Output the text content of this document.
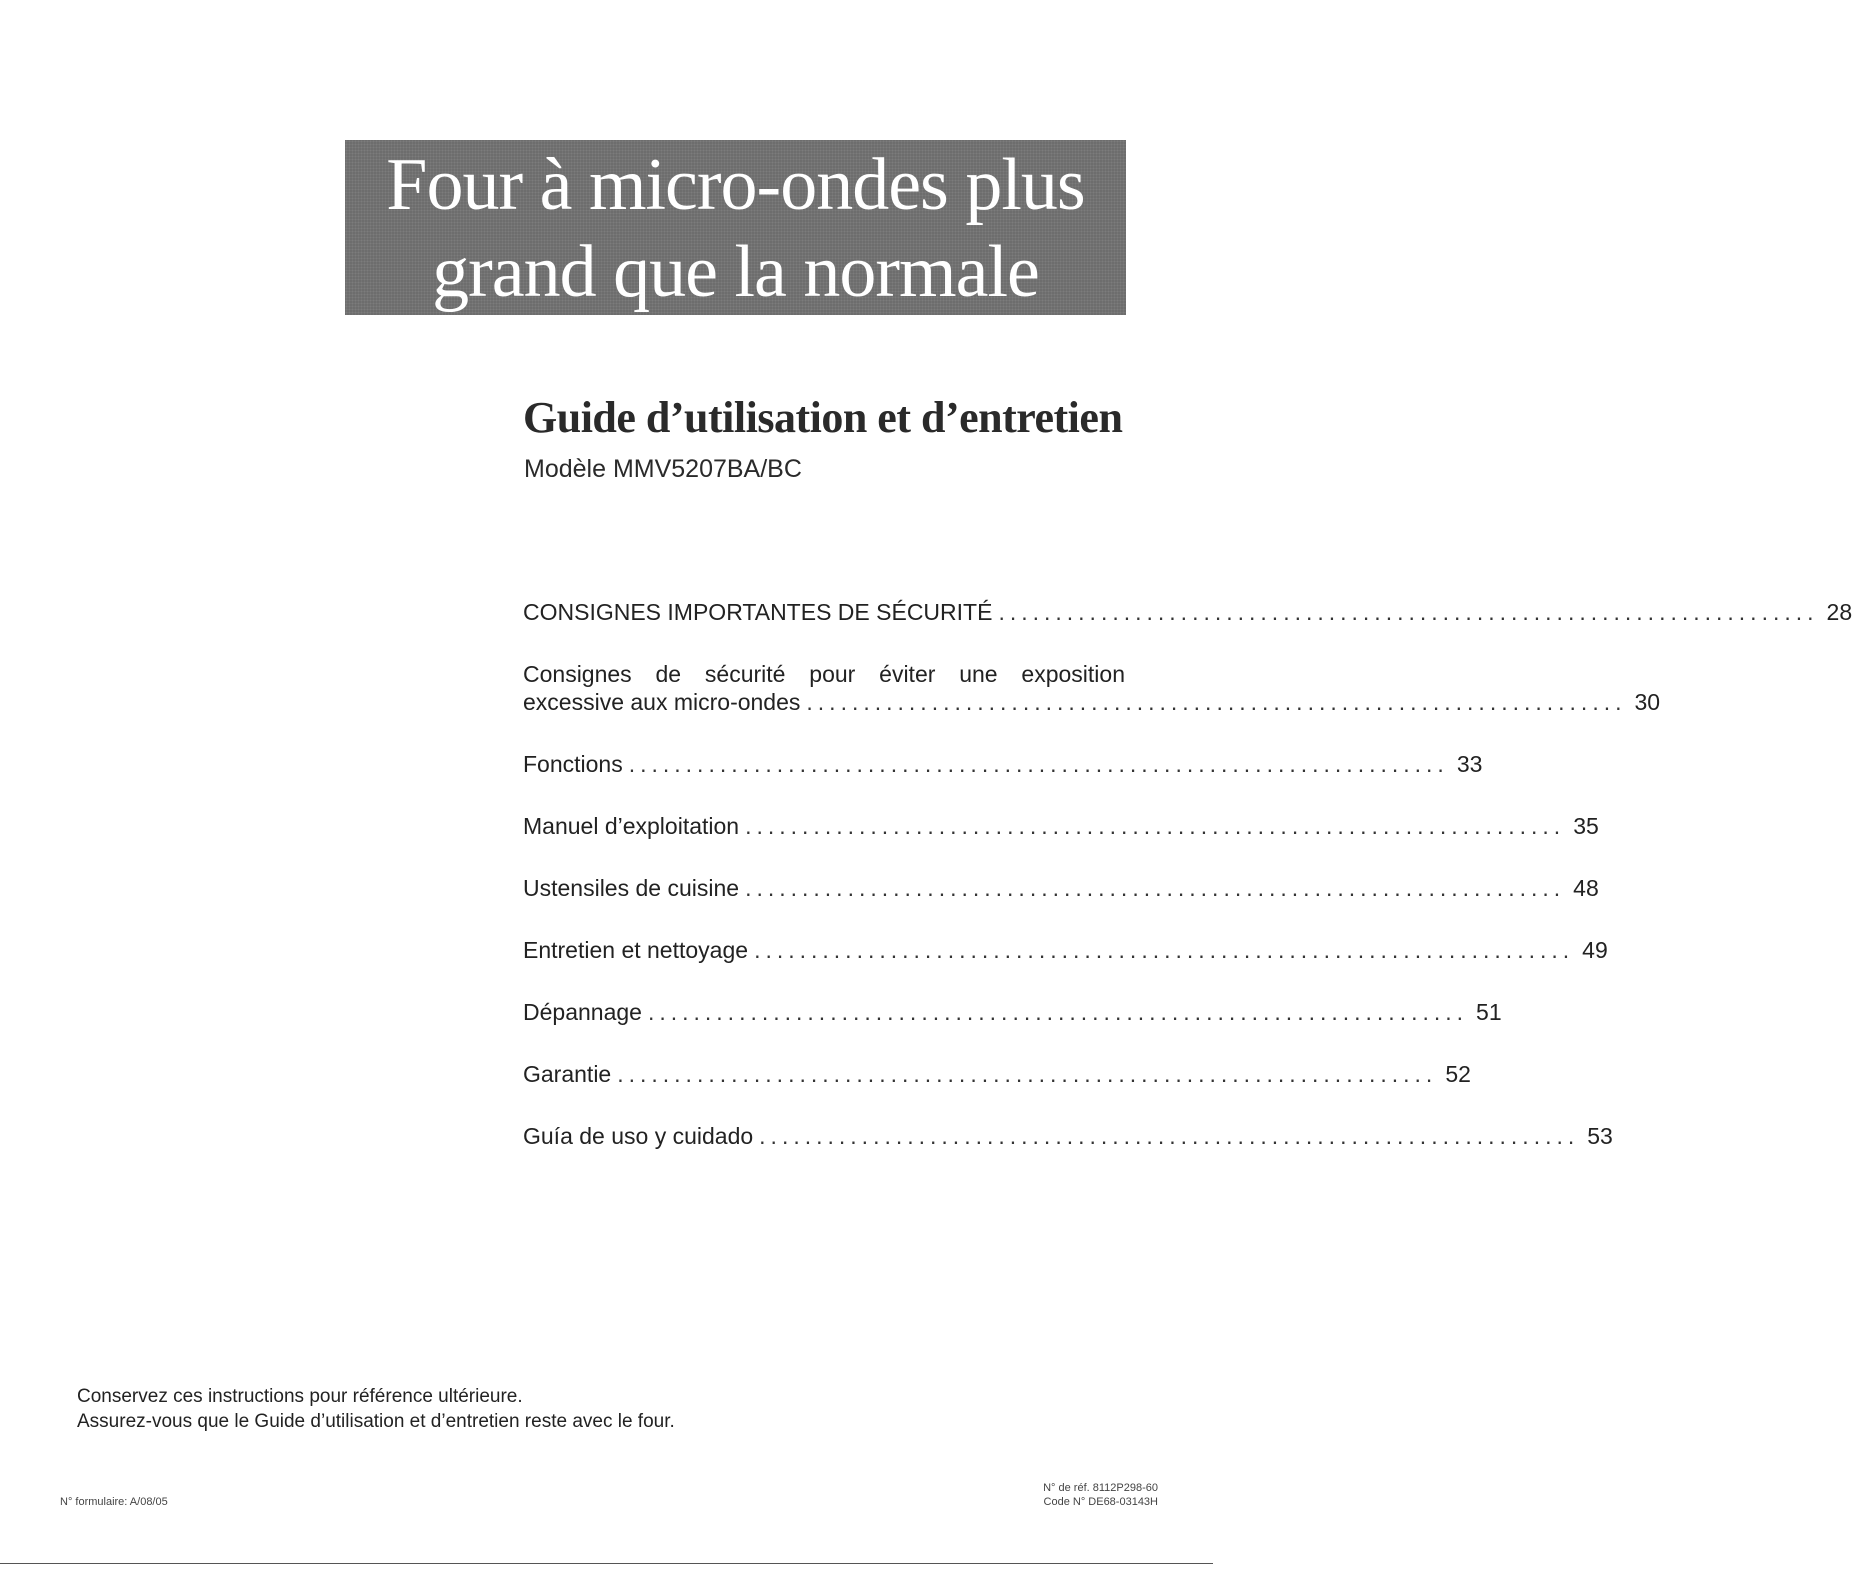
Four à micro-ondes plus
grand que la normale
Guide d’utilisation et d’entretien
Modèle MMV5207BA/BC
CONSIGNES IMPORTANTES DE SÉCURITÉ ........................................................................ 28
Consignes de sécurité pour éviter une exposition
excessive aux micro-ondes ........................................................................ 30
Fonctions ........................................................................ 33
Manuel d’exploitation ........................................................................ 35
Ustensiles de cuisine ........................................................................ 48
Entretien et nettoyage ........................................................................ 49
Dépannage ........................................................................ 51
Garantie ........................................................................ 52
Guía de uso y cuidado ........................................................................ 53

Conservez ces instructions pour référence ultérieure.

Assurez-vous que le Guide d’utilisation et d’entretien reste avec le four.

N° formulaire: A/08/05
N° de réf. 8112P298-60
Code N° DE68-03143H
